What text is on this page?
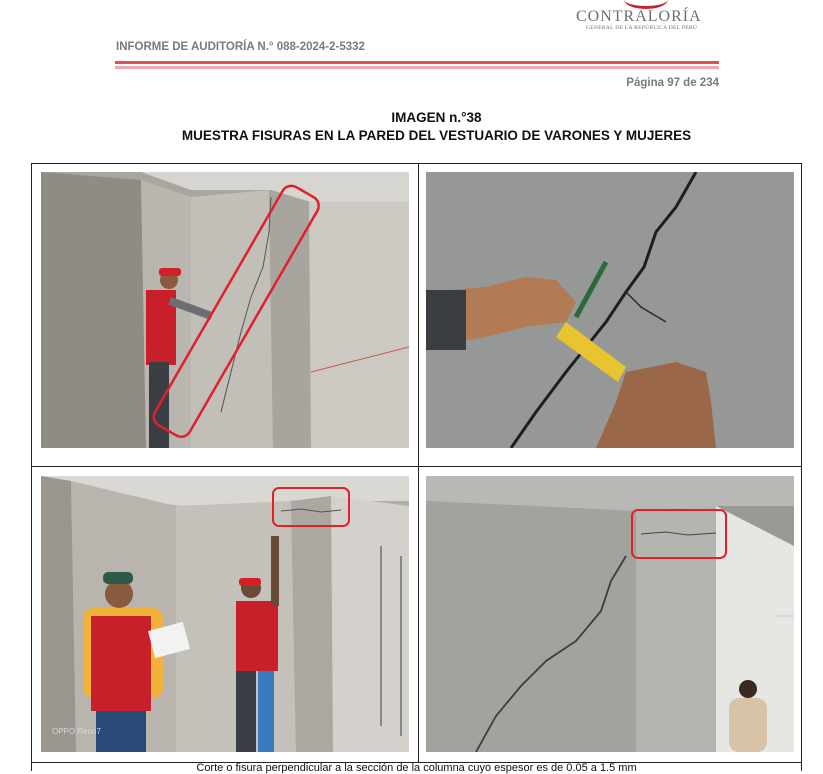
CONTRALORÍA
GENERAL DE LA REPÚBLICA DEL PERÚ
INFORME DE AUDITORÍA N.° 088-2024-2-5332
Página 97 de 234
IMAGEN n.°38
MUESTRA FISURAS EN LA PARED DEL VESTUARIO DE VARONES Y MUJERES
OPPO Reno7
Corte o fisura perpendicular a la sección de la columna cuyo espesor es de 0.05 a 1.5 mm
